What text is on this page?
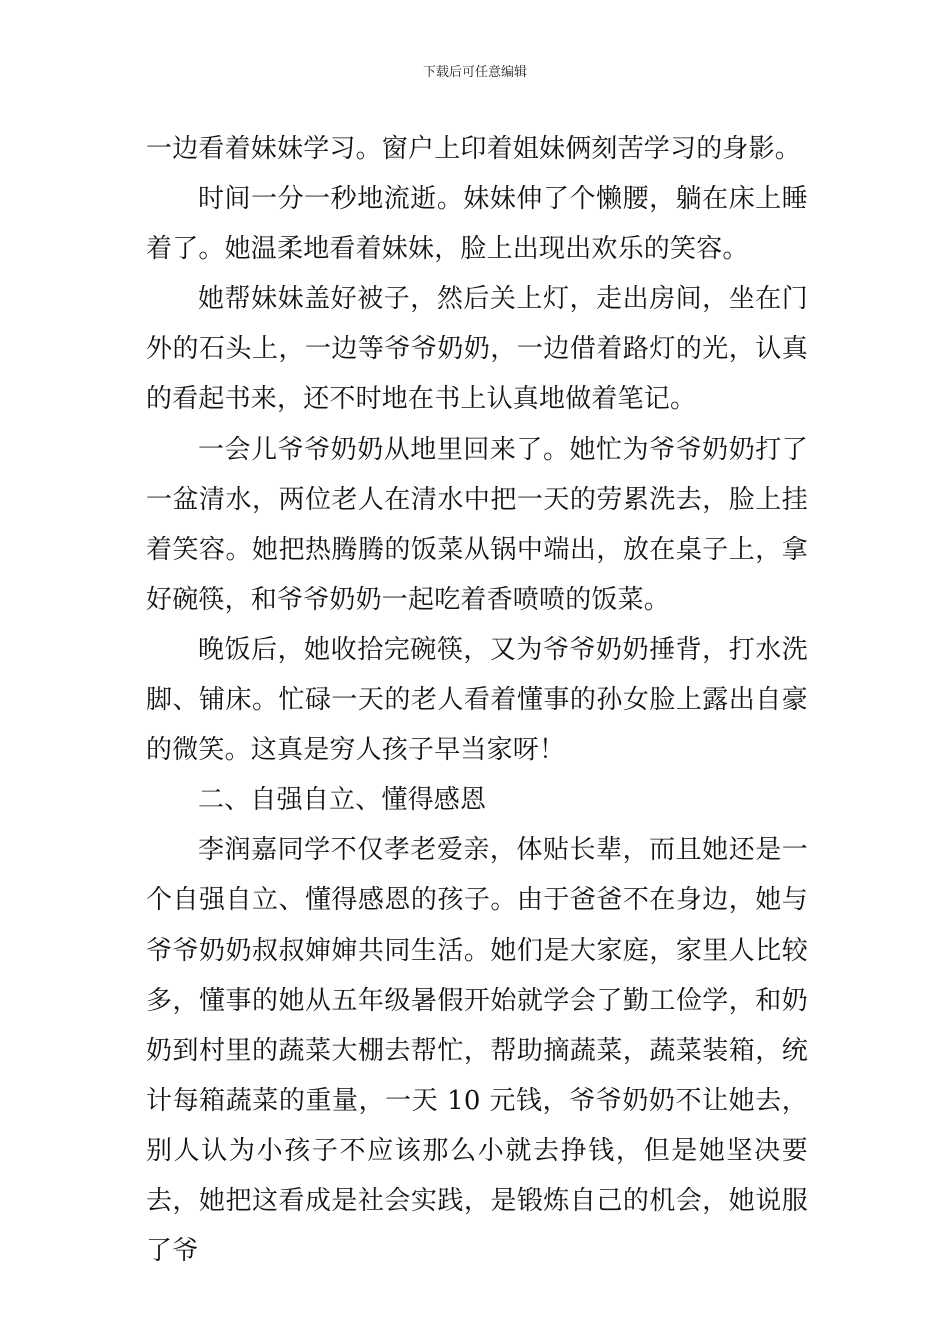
下载后可任意编辑

一边看着妹妹学习。窗户上印着姐妹俩刻苦学习的身影。

时间一分一秒地流逝。妹妹伸了个懒腰，躺在床上睡着了。她温柔地看着妹妹，脸上出现出欢乐的笑容。

她帮妹妹盖好被子，然后关上灯，走出房间，坐在门外的石头上，一边等爷爷奶奶，一边借着路灯的光，认真的看起书来，还不时地在书上认真地做着笔记。

一会儿爷爷奶奶从地里回来了。她忙为爷爷奶奶打了一盆清水，两位老人在清水中把一天的劳累洗去，脸上挂着笑容。她把热腾腾的饭菜从锅中端出，放在桌子上，拿好碗筷，和爷爷奶奶一起吃着香喷喷的饭菜。

晚饭后，她收拾完碗筷，又为爷爷奶奶捶背，打水洗脚、铺床。忙碌一天的老人看着懂事的孙女脸上露出自豪的微笑。这真是穷人孩子早当家呀！

二、自强自立、懂得感恩

李润嘉同学不仅孝老爱亲，体贴长辈，而且她还是一个自强自立、懂得感恩的孩子。由于爸爸不在身边，她与爷爷奶奶叔叔婶婶共同生活。她们是大家庭，家里人比较多，懂事的她从五年级暑假开始就学会了勤工俭学，和奶奶到村里的蔬菜大棚去帮忙，帮助摘蔬菜，蔬菜装箱，统计每箱蔬菜的重量，一天 10 元钱，爷爷奶奶不让她去，别人认为小孩子不应该那么小就去挣钱，但是她坚决要去，她把这看成是社会实践，是锻炼自己的机会，她说服了爷
